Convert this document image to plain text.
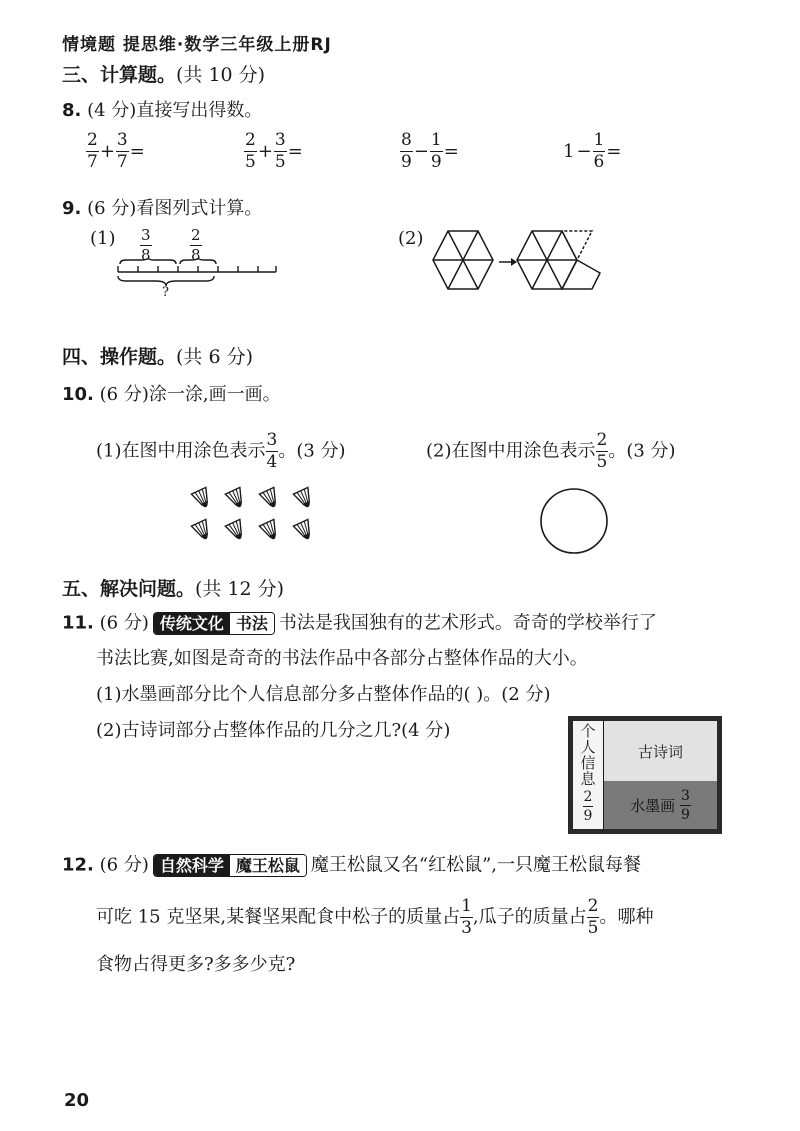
情境题 提思维·数学三年级上册RJ
三、计算题。(共 10 分)
8. (4 分)直接写出得数。
$\frac{2}{7} + \frac{3}{7}$ =	$\frac{2}{5} + \frac{3}{5}$ =	$\frac{8}{9} - \frac{1}{9}$ =	$1 - \frac{1}{6}$ =
9. (6 分)看图列式计算。
$(1) \frac{3}{8}$	$\frac{2}{8}$
?
(2)
四、操作题。(共 6 分)
10. (6 分)涂一涂,画一画。
(1)在图中用涂色表示 $\frac{3}{4}$ 。(3 分)	(2)在图中用涂色表示 $\frac{2}{5}$ 。(3 分)
五、解决问题。(共 12 分)
11. (6 分) 传统文化 书法 书法是我国独有的艺术形式。奇奇的学校举行了
书法比赛,如图是奇奇的书法作品中各部分占整体作品的大小。
(1)水墨画部分比个人信息部分多占整体作品的( )。(2 分)
(2)古诗词部分占整体作品的几分之几?(4 分)	个
人
信
息
$\frac{2}{9}$
古诗词
水墨画
$\frac{3}{9}$
12. (6 分) 自然科学 魔王松鼠 魔王松鼠又名“红松鼠”,一只魔王松鼠每餐
可吃 15 克坚果,某餐坚果配食中松子的质量占 $\frac{1}{3}$ ,瓜子的质量占 $\frac{2}{5}$ 。哪种
食物占得更多?多多少克?
20
